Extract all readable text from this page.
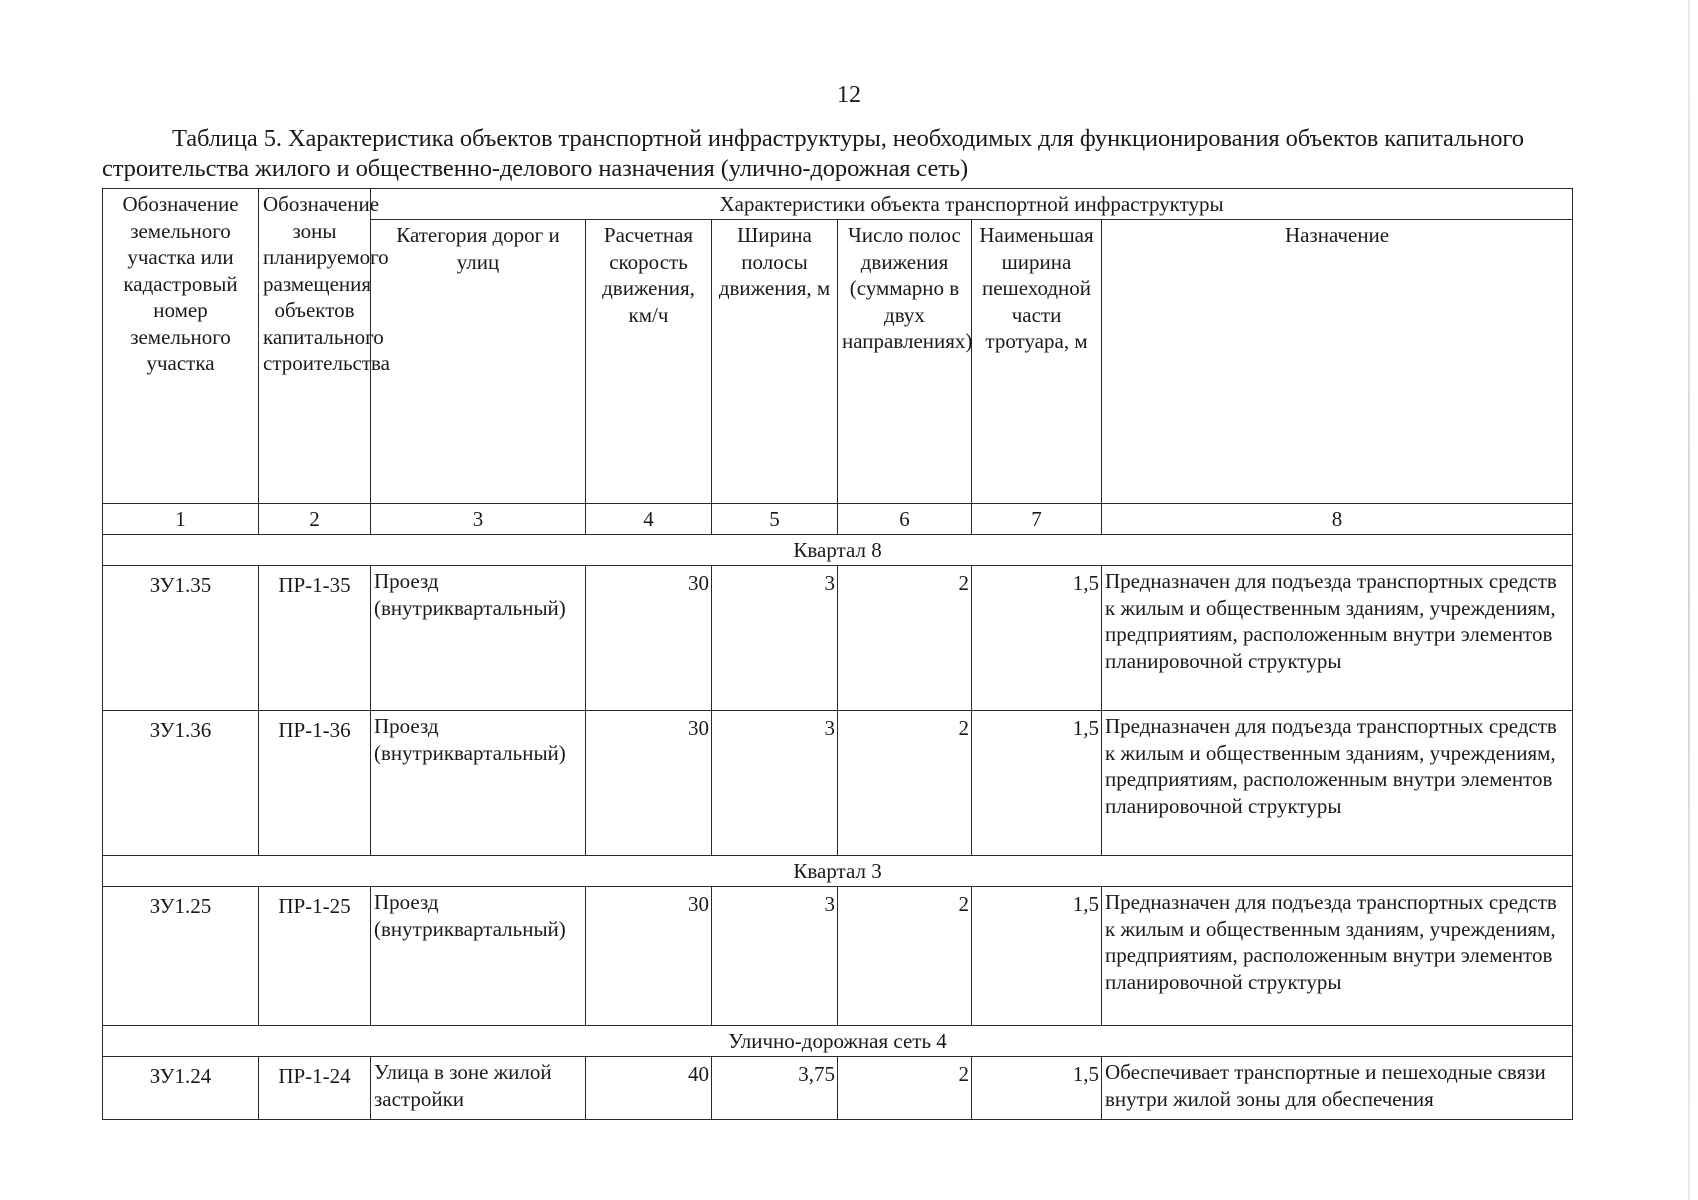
12
Таблица 5. Характеристика объектов транспортной инфраструктуры, необходимых для функционирования объектов капитального строительства жилого и общественно-делового назначения (улично-дорожная сеть)
Обозначение земельного участка или кадастровый номер земельного участка	Обозначение зоны планируемого размещения объектов капитального строительства	Характеристики объекта транспортной инфраструктуры					
		Категория дорог и улиц	Расчетная скорость движения, км/ч	Ширина полосы движения, м	Число полос движения (суммарно в двух направлениях)	Наименьшая ширина пешеходной части тротуара, м	Назначение
1	2	3	4	5	6	7	8
Квартал 8							
ЗУ1.35	ПР-1-35	Проезд (внутриквартальный)	30	3	2	1,5	Предназначен для подъезда транспортных средств к жилым и общественным зданиям, учреждениям, предприятиям, расположенным внутри элементов планировочной структуры
ЗУ1.36	ПР-1-36	Проезд (внутриквартальный)	30	3	2	1,5	Предназначен для подъезда транспортных средств к жилым и общественным зданиям, учреждениям, предприятиям, расположенным внутри элементов планировочной структуры
Квартал 3							
ЗУ1.25	ПР-1-25	Проезд (внутриквартальный)	30	3	2	1,5	Предназначен для подъезда транспортных средств к жилым и общественным зданиям, учреждениям, предприятиям, расположенным внутри элементов планировочной структуры
Улично-дорожная сеть 4							
ЗУ1.24	ПР-1-24	Улица в зоне жилой застройки	40	3,75	2	1,5	Обеспечивает транспортные и пешеходные связи внутри жилой зоны для обеспечения
